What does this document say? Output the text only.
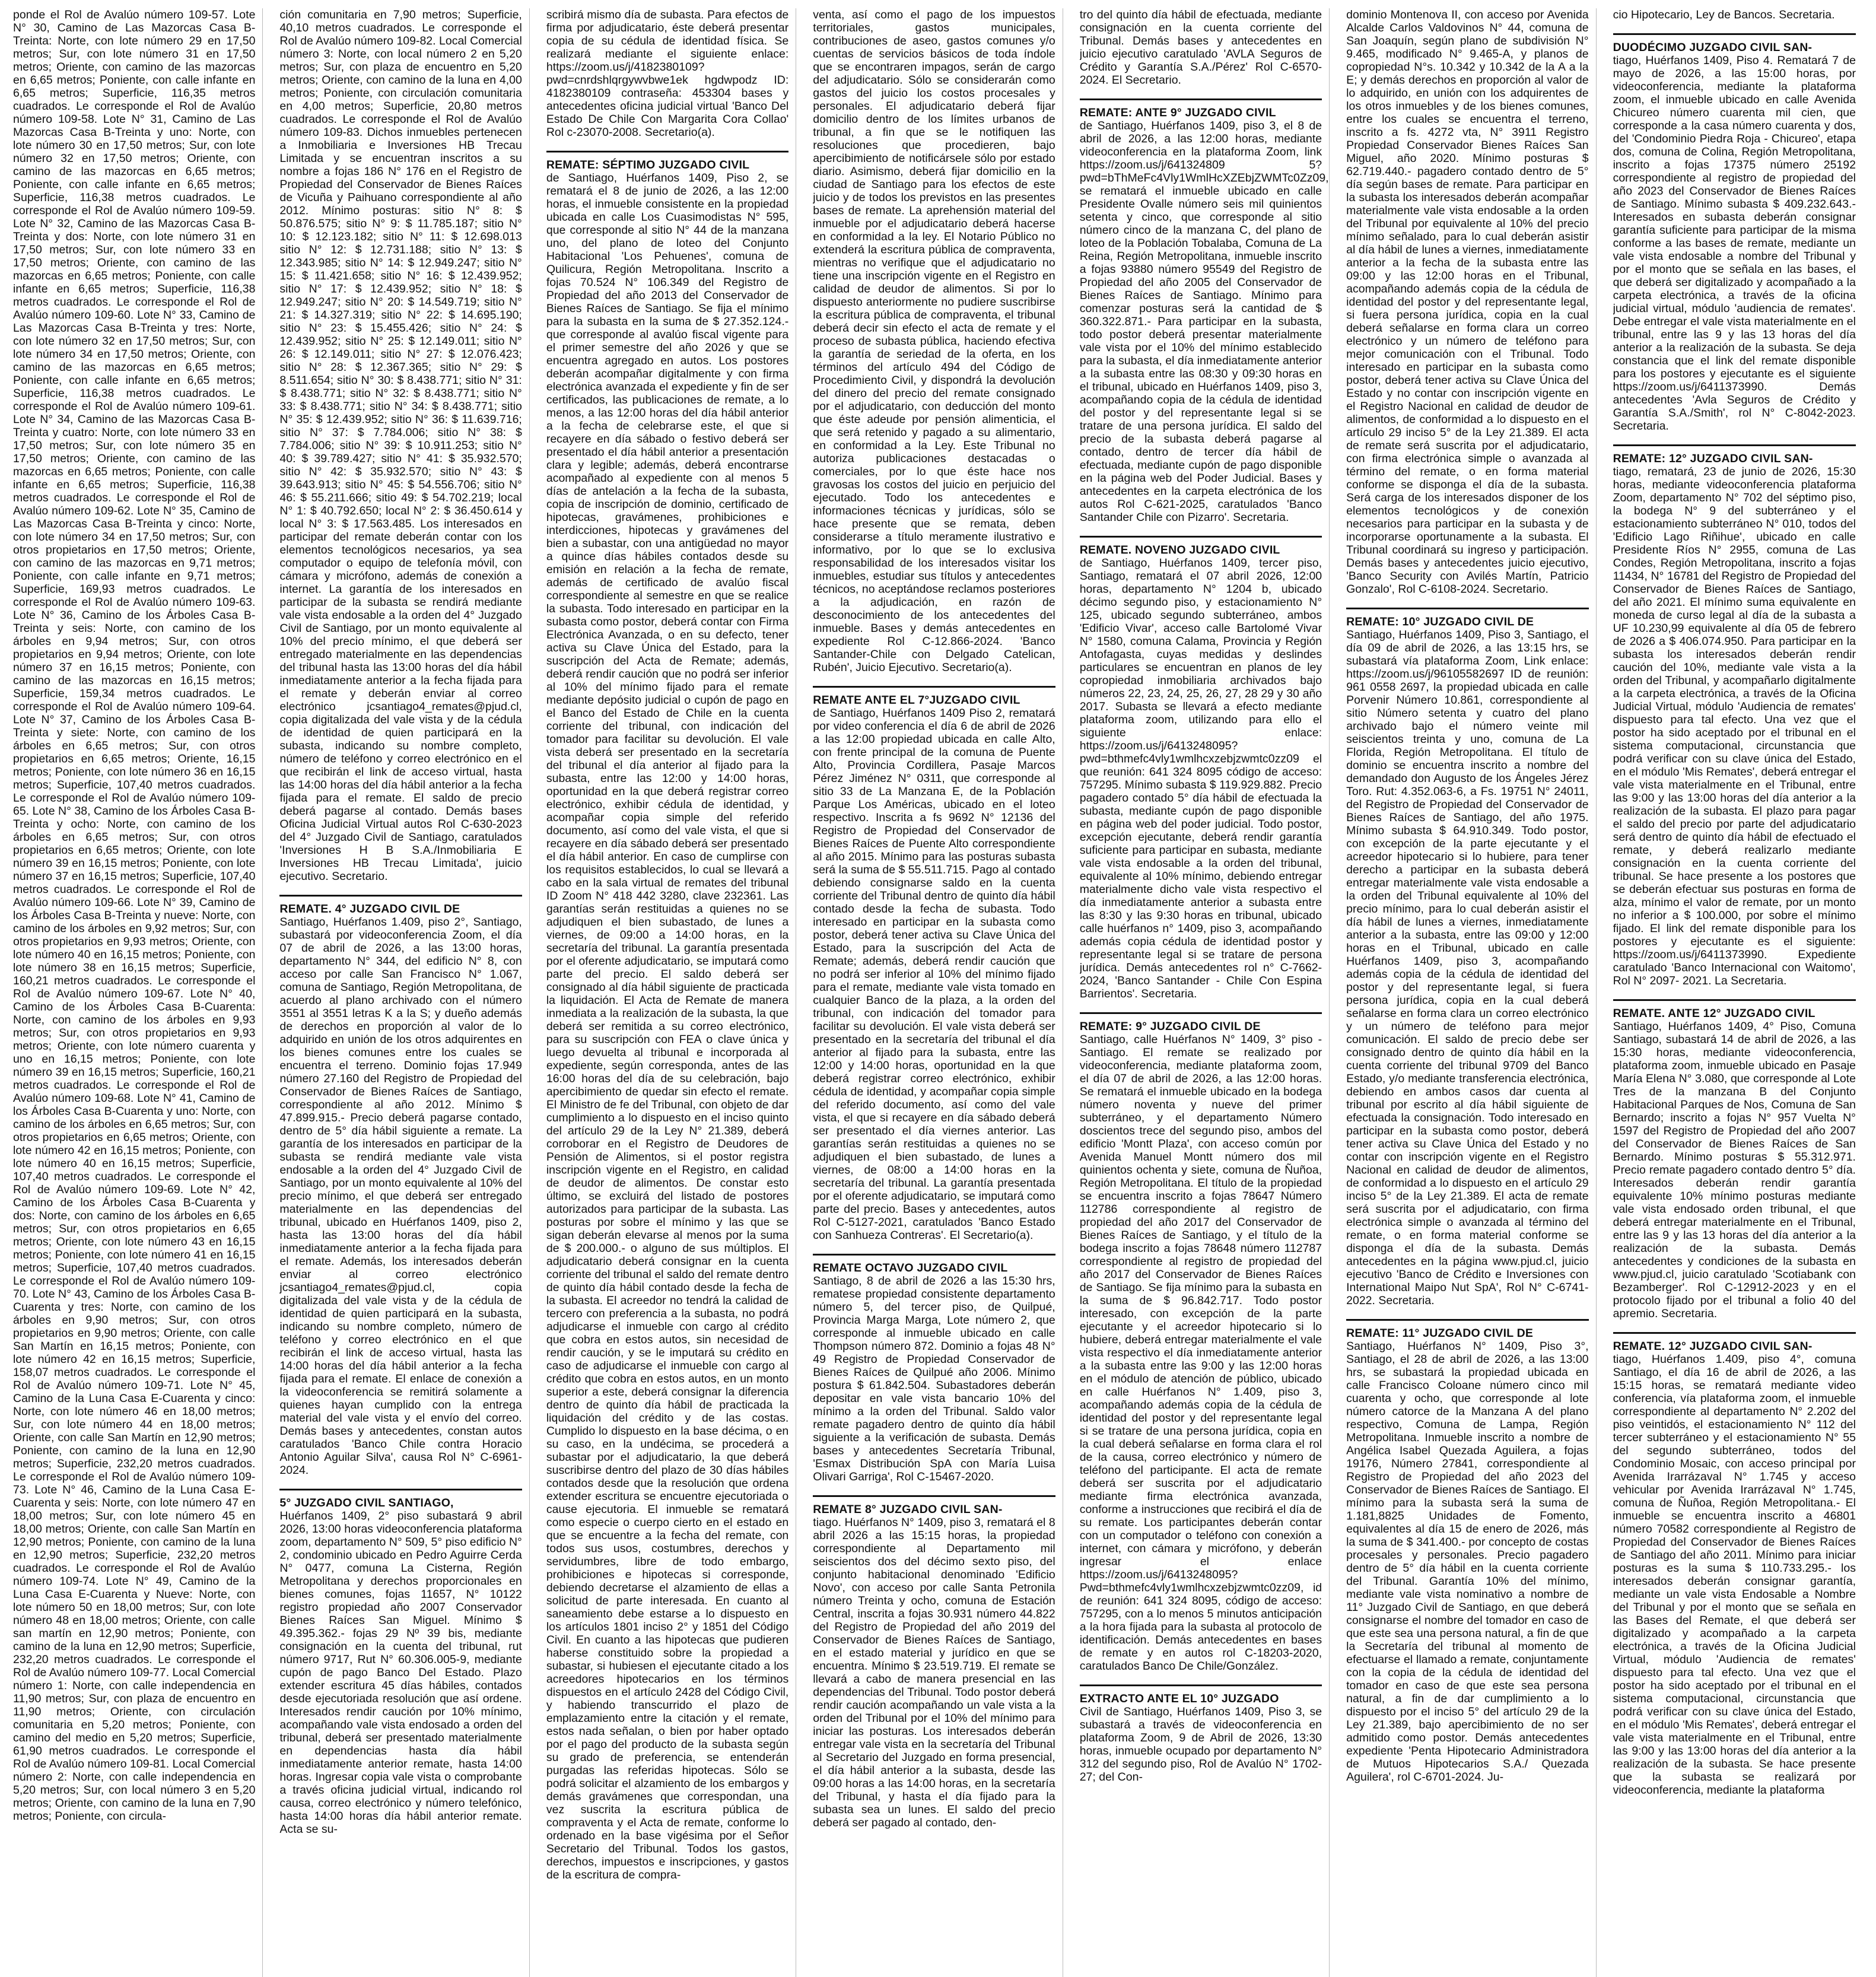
ponde el Rol de Avalúo número 109-57. Lote N° 30, Camino de Las Mazorcas Casa B-Treinta: Norte, con lote número 29 en 17,50 metros; Sur, con lote número 31 en 17,50 metros; Oriente, con camino de las mazorcas en 6,65 metros; Poniente, con calle infante en 6,65 metros; Superficie, 116,35 metros cuadrados. Le corresponde el Rol de Avalúo número 109-58. Lote N° 31, Camino de Las Mazorcas Casa B-Treinta y uno: Norte, con lote número 30 en 17,50 metros; Sur, con lote número 32 en 17,50 metros; Oriente, con camino de las mazorcas en 6,65 metros; Poniente, con calle infante en 6,65 metros; Superficie, 116,38 metros cuadrados. Le corresponde el Rol de Avalúo número 109-59. Lote N° 32, Camino de las Mazorcas Casa B-Treinta y dos: Norte, con lote número 31 en 17,50 metros; Sur, con lote número 33 en 17,50 metros; Oriente, con camino de las mazorcas en 6,65 metros; Poniente, con calle infante en 6,65 metros; Superficie, 116,38 metros cuadrados. Le corresponde el Rol de Avalúo número 109-60. Lote N° 33, Camino de Las Mazorcas Casa B-Treinta y tres: Norte, con lote número 32 en 17,50 metros; Sur, con lote número 34 en 17,50 metros; Oriente, con camino de las mazorcas en 6,65 metros; Poniente, con calle infante en 6,65 metros; Superficie, 116,38 metros cuadrados. Le corresponde el Rol de Avalúo número 109-61. Lote N° 34, Camino de las Mazorcas Casa B-Treinta y cuatro: Norte, con lote número 33 en 17,50 metros; Sur, con lote número 35 en 17,50 metros; Oriente, con camino de las mazorcas en 6,65 metros; Poniente, con calle infante en 6,65 metros; Superficie, 116,38 metros cuadrados. Le corresponde el Rol de Avalúo número 109-62. Lote N° 35, Camino de Las Mazorcas Casa B-Treinta y cinco: Norte, con lote número 34 en 17,50 metros; Sur, con otros propietarios en 17,50 metros; Oriente, con camino de las mazorcas en 9,71 metros; Poniente, con calle infante en 9,71 metros; Superficie, 169,93 metros cuadrados. Le corresponde el Rol de Avalúo número 109-63. Lote N° 36, Camino de los Árboles Casa B-Treinta y seis: Norte, con camino de los árboles en 9,94 metros; Sur, con otros propietarios en 9,94 metros; Oriente, con lote número 37 en 16,15 metros; Poniente, con camino de las mazorcas en 16,15 metros; Superficie, 159,34 metros cuadrados. Le corresponde el Rol de Avalúo número 109-64. Lote N° 37, Camino de los Árboles Casa B-Treinta y siete: Norte, con camino de los árboles en 6,65 metros; Sur, con otros propietarios en 6,65 metros; Oriente, 16,15 metros; Poniente, con lote número 36 en 16,15 metros; Superficie, 107,40 metros cuadrados. Le corresponde el Rol de Avalúo número 109-65. Lote N° 38, Camino de los Árboles Casa B-Treinta y ocho: Norte, con camino de los árboles en 6,65 metros; Sur, con otros propietarios en 6,65 metros; Oriente, con lote número 39 en 16,15 metros; Poniente, con lote número 37 en 16,15 metros; Superficie, 107,40 metros cuadrados. Le corresponde el Rol de Avalúo número 109-66. Lote N° 39, Camino de los Árboles Casa B-Treinta y nueve: Norte, con camino de los árboles en 9,92 metros; Sur, con otros propietarios en 9,93 metros; Oriente, con lote número 40 en 16,15 metros; Poniente, con lote número 38 en 16,15 metros; Superficie, 160,21 metros cuadrados. Le corresponde el Rol de Avalúo número 109-67. Lote N° 40, Camino de los Árboles Casa B-Cuarenta: Norte, con camino de los árboles en 9,93 metros; Sur, con otros propietarios en 9,93 metros; Oriente, con lote número cuarenta y uno en 16,15 metros; Poniente, con lote número 39 en 16,15 metros; Superficie, 160,21 metros cuadrados. Le corresponde el Rol de Avalúo número 109-68. Lote N° 41, Camino de los Árboles Casa B-Cuarenta y uno: Norte, con camino de los árboles en 6,65 metros; Sur, con otros propietarios en 6,65 metros; Oriente, con lote número 42 en 16,15 metros; Poniente, con lote número 40 en 16,15 metros; Superficie, 107,40 metros cuadrados. Le corresponde el Rol de Avalúo número 109-69. Lote N° 42, Camino de los Árboles Casa B-Cuarenta y dos: Norte, con camino de los árboles en 6,65 metros; Sur, con otros propietarios en 6,65 metros; Oriente, con lote número 43 en 16,15 metros; Poniente, con lote número 41 en 16,15 metros; Superficie, 107,40 metros cuadrados. Le corresponde el Rol de Avalúo número 109-70. Lote N° 43, Camino de los Árboles Casa B-Cuarenta y tres: Norte, con camino de los árboles en 9,90 metros; Sur, con otros propietarios en 9,90 metros; Oriente, con calle San Martín en 16,15 metros; Poniente, con lote número 42 en 16,15 metros; Superficie, 158,07 metros cuadrados. Le corresponde el Rol de Avalúo número 109-71. Lote N° 45, Camino de la Luna Casa E-Cuarenta y cinco: Norte, con lote número 46 en 18,00 metros; Sur, con lote número 44 en 18,00 metros; Oriente, con calle San Martín en 12,90 metros; Poniente, con camino de la luna en 12,90 metros; Superficie, 232,20 metros cuadrados. Le corresponde el Rol de Avalúo número 109-73. Lote N° 46, Camino de la Luna Casa E-Cuarenta y seis: Norte, con lote número 47 en 18,00 metros; Sur, con lote número 45 en 18,00 metros; Oriente, con calle San Martín en 12,90 metros; Poniente, con camino de la luna en 12,90 metros; Superficie, 232,20 metros cuadrados. Le corresponde el Rol de Avalúo número 109-74. Lote N° 49, Camino de la Luna Casa E-Cuarenta y Nueve: Norte, con lote número 50 en 18,00 metros; Sur, con lote número 48 en 18,00 metros; Oriente, con calle san martín en 12,90 metros; Poniente, con camino de la luna en 12,90 metros; Superficie, 232,20 metros cuadrados. Le corresponde el Rol de Avalúo número 109-77. Local Comercial número 1: Norte, con calle independencia en 11,90 metros; Sur, con plaza de encuentro en 11,90 metros; Oriente, con circulación comunitaria en 5,20 metros; Poniente, con camino del medio en 5,20 metros; Superficie, 61,90 metros cuadrados. Le corresponde el Rol de Avalúo número 109-81. Local Comercial número 2: Norte, con calle independencia en 5,20 metros; Sur, con local número 3 en 5,20 metros; Oriente, con camino de la luna en 7,90 metros; Poniente, con circula-

ción comunitaria en 7,90 metros; Superficie, 40,10 metros cuadrados. Le corresponde el Rol de Avalúo número 109-82. Local Comercial número 3: Norte, con local número 2 en 5,20 metros; Sur, con plaza de encuentro en 5,20 metros; Oriente, con camino de la luna en 4,00 metros; Poniente, con circulación comunitaria en 4,00 metros; Superficie, 20,80 metros cuadrados. Le corresponde el Rol de Avalúo número 109-83. Dichos inmuebles pertenecen a Inmobiliaria e Inversiones HB Trecau Limitada y se encuentran inscritos a su nombre a fojas 186 N° 176 en el Registro de Propiedad del Conservador de Bienes Raíces de Vicuña y Paihuano correspondiente al año 2012. Mínimo posturas: sitio N° 8: $ 50.876.575; sitio N° 9: $ 11.785.187; sitio N° 10: $ 12.123.182; sitio N° 11: $ 12.698.013 sitio N° 12: $ 12.731.188; sitio N° 13: $ 12.343.985; sitio N° 14: $ 12.949.247; sitio N° 15: $ 11.421.658; sitio N° 16: $ 12.439.952; sitio N° 17: $ 12.439.952; sitio N° 18: $ 12.949.247; sitio N° 20: $ 14.549.719; sitio N° 21: $ 14.327.319; sitio N° 22: $ 14.695.190; sitio N° 23: $ 15.455.426; sitio N° 24: $ 12.439.952; sitio N° 25: $ 12.149.011; sitio N° 26: $ 12.149.011; sitio N° 27: $ 12.076.423; sitio N° 28: $ 12.367.365; sitio N° 29: $ 8.511.654; sitio N° 30: $ 8.438.771; sitio N° 31: $ 8.438.771; sitio N° 32: $ 8.438.771; sitio N° 33: $ 8.438.771; sitio N° 34: $ 8.438.771; sitio N° 35: $ 12.439.952; sitio N° 36: $ 11.639.716; sitio N° 37: $ 7.784.006; sitio N° 38: $ 7.784.006; sitio N° 39: $ 10.911.253; sitio N° 40: $ 39.789.427; sitio N° 41: $ 35.932.570; sitio N° 42: $ 35.932.570; sitio N° 43: $ 39.643.913; sitio N° 45: $ 54.556.706; sitio N° 46: $ 55.211.666; sitio 49: $ 54.702.219; local N° 1: $ 40.792.650; local N° 2: $ 36.450.614 y local N° 3: $ 17.563.485. Los interesados en participar del remate deberán contar con los elementos tecnológicos necesarios, ya sea computador o equipo de telefonía móvil, con cámara y micrófono, además de conexión a internet. La garantía de los interesados en participar de la subasta se rendirá mediante vale vista endosable a la orden del 4° Juzgado Civil de Santiago, por un monto equivalente al 10% del precio mínimo, el que deberá ser entregado materialmente en las dependencias del tribunal hasta las 13:00 horas del día hábil inmediatamente anterior a la fecha fijada para el remate y deberán enviar al correo electrónico jcsantiago4_remates@pjud.cl, copia digitalizada del vale vista y de la cédula de identidad de quien participará en la subasta, indicando su nombre completo, número de teléfono y correo electrónico en el que recibirán el link de acceso virtual, hasta las 14:00 horas del día hábil anterior a la fecha fijada para el remate. El saldo de precio deberá pagarse al contado. Demás bases Oficina Judicial Virtual autos Rol C-630-2023 del 4° Juzgado Civil de Santiago, caratulados 'Inversiones H B S.A./Inmobiliaria E Inversiones HB Trecau Limitada', juicio ejecutivo. Secretario.

REMATE. 4° JUZGADO CIVIL DE

Santiago, Huérfanos 1.409, piso 2°, Santiago, subastará por videoconferencia Zoom, el día 07 de abril de 2026, a las 13:00 horas, departamento N° 344, del edificio N° 8, con acceso por calle San Francisco N° 1.067, comuna de Santiago, Región Metropolitana, de acuerdo al plano archivado con el número 3551 al 3551 letras K a la S; y dueño además de derechos en proporción al valor de lo adquirido en unión de los otros adquirentes en los bienes comunes entre los cuales se encuentra el terreno. Dominio fojas 17.949 número 27.160 del Registro de Propiedad del Conservador de Bienes Raíces de Santiago, correspondiente al año 2012. Mínimo $ 47.899.915.- Precio deberá pagarse contado, dentro de 5° día hábil siguiente a remate. La garantía de los interesados en participar de la subasta se rendirá mediante vale vista endosable a la orden del 4° Juzgado Civil de Santiago, por un monto equivalente al 10% del precio mínimo, el que deberá ser entregado materialmente en las dependencias del tribunal, ubicado en Huérfanos 1409, piso 2, hasta las 13:00 horas del día hábil inmediatamente anterior a la fecha fijada para el remate. Además, los interesados deberán enviar al correo electrónico jcsantiago4_remates@pjud.cl, copia digitalizada del vale vista y de la cédula de identidad de quien participará en la subasta, indicando su nombre completo, número de teléfono y correo electrónico en el que recibirán el link de acceso virtual, hasta las 14:00 horas del día hábil anterior a la fecha fijada para el remate. El enlace de conexión a la videoconferencia se remitirá solamente a quienes hayan cumplido con la entrega material del vale vista y el envío del correo. Demás bases y antecedentes, constan autos caratulados 'Banco Chile contra Horacio Antonio Aguilar Silva', causa Rol N° C-6961-2024.

5° JUZGADO CIVIL SANTIAGO,

Huérfanos 1409, 2° piso subastará 9 abril 2026, 13:00 horas videoconferencia plataforma zoom, departamento N° 509, 5° piso edificio N° 2, condominio ubicado en Pedro Aguirre Cerda N° 0477, comuna La Cisterna, Región Metropolitana y derechos proporcionales en bienes comunes, fojas 11657, N° 10122 registro propiedad año 2007 Conservador Bienes Raíces San Miguel. Mínimo $ 49.395.362.- fojas 29 Nº 39 bis, mediante consignación en la cuenta del tribunal, rut número 9717, Rut N° 60.306.005-9, mediante cupón de pago Banco Del Estado. Plazo extender escritura 45 días hábiles, contados desde ejecutoriada resolución que así ordene. Interesados rendir caución por 10% mínimo, acompañando vale vista endosado a orden del tribunal, deberá ser presentado materialmente en dependencias hasta día hábil inmediatamente anterior remate, hasta 14:00 horas. Ingresar copia vale vista o comprobante a través oficina judicial virtual, indicando rol causa, correo electrónico y número telefónico, hasta 14:00 horas día hábil anterior remate. Acta se su-

scribirá mismo día de subasta. Para efectos de firma por adjudicatario, éste deberá presentar copia de su cédula de identidad física. Se realizará mediante el siguiente enlace: https://zoom.us/j/4182380109?pwd=cnrdshlqrgywvbwe1ek hgdwpodz ID: 4182380109 contraseña: 453304 bases y antecedentes oficina judicial virtual 'Banco Del Estado De Chile Con Margarita Cora Collao' Rol c-23070-2008. Secretario(a).

REMATE: SÉPTIMO JUZGADO CIVIL

de Santiago, Huérfanos 1409, Piso 2, se rematará el 8 de junio de 2026, a las 12:00 horas, el inmueble consistente en la propiedad ubicada en calle Los Cuasimodistas N° 595, que corresponde al sitio N° 44 de la manzana uno, del plano de loteo del Conjunto Habitacional 'Los Pehuenes', comuna de Quilicura, Región Metropolitana. Inscrito a fojas 70.524 N° 106.349 del Registro de Propiedad del año 2013 del Conservador de Bienes Raíces de Santiago. Se fija el mínimo para la subasta en la suma de $ 27.352.124.- que corresponde al avalúo fiscal vigente para el primer semestre del año 2026 y que se encuentra agregado en autos. Los postores deberán acompañar digitalmente y con firma electrónica avanzada el expediente y fin de ser certificados, las publicaciones de remate, a lo menos, a las 12:00 horas del día hábil anterior a la fecha de celebrarse este, el que si recayere en día sábado o festivo deberá ser presentado el día hábil anterior a presentación clara y legible; además, deberá encontrarse acompañado al expediente con al menos 5 días de antelación a la fecha de la subasta, copia de inscripción de dominio, certificado de hipotecas, gravámenes, prohibiciones e interdicciones, hipotecas y gravámenes del bien a subastar, con una antigüedad no mayor a quince días hábiles contados desde su emisión en relación a la fecha de remate, además de certificado de avalúo fiscal correspondiente al semestre en que se realice la subasta. Todo interesado en participar en la subasta como postor, deberá contar con Firma Electrónica Avanzada, o en su defecto, tener activa su Clave Única del Estado, para la suscripción del Acta de Remate; además, deberá rendir caución que no podrá ser inferior al 10% del mínimo fijado para el remate mediante depósito judicial o cupón de pago en el Banco del Estado de Chile en la cuenta corriente del tribunal, con indicación del tomador para facilitar su devolución. El vale vista deberá ser presentado en la secretaría del tribunal el día anterior al fijado para la subasta, entre las 12:00 y 14:00 horas, oportunidad en la que deberá registrar correo electrónico, exhibir cédula de identidad, y acompañar copia simple del referido documento, así como del vale vista, el que si recayere en día sábado deberá ser presentado el día hábil anterior. En caso de cumplirse con los requisitos establecidos, lo cual se llevará a cabo en la sala virtual de remates del tribunal ID Zoom N° 418 442 3280, clave 232361. Las garantías serán restituidas a quienes no se adjudiquen el bien subastado, de lunes a viernes, de 09:00 a 14:00 horas, en la secretaría del tribunal. La garantía presentada por el oferente adjudicatario, se imputará como parte del precio. El saldo deberá ser consignado al día hábil siguiente de practicada la liquidación. El Acta de Remate de manera inmediata a la realización de la subasta, la que deberá ser remitida a su correo electrónico, para su suscripción con FEA o clave única y luego devuelta al tribunal e incorporada al expediente, según corresponda, antes de las 16:00 horas del día de su celebración, bajo apercibimiento de quedar sin efecto el remate. El Ministro de fe del Tribunal, con objeto de dar cumplimiento a lo dispuesto en el inciso quinto del artículo 29 de la Ley N° 21.389, deberá corroborar en el Registro de Deudores de Pensión de Alimentos, si el postor registra inscripción vigente en el Registro, en calidad de deudor de alimentos. De constar esto último, se excluirá del listado de postores autorizados para participar de la subasta. Las posturas por sobre el mínimo y las que se sigan deberán elevarse al menos por la suma de $ 200.000.- o alguno de sus múltiplos. El adjudicatario deberá consignar en la cuenta corriente del tribunal el saldo del remate dentro de quinto día hábil contado desde la fecha de la subasta. El acreedor no tendrá la calidad de tercero con preferencia a la subasta, no podrá adjudicarse el inmueble con cargo al crédito que cobra en estos autos, sin necesidad de rendir caución, y se le imputará su crédito en caso de adjudicarse el inmueble con cargo al crédito que cobra en estos autos, en un monto superior a este, deberá consignar la diferencia dentro de quinto día hábil de practicada la liquidación del crédito y de las costas. Cumplido lo dispuesto en la base décima, o en su caso, en la undécima, se procederá a subastar por el adjudicatario, la que deberá suscribirse dentro del plazo de 30 días hábiles contados desde que la resolución que ordena extender escritura se encuentre ejecutoriada o cause ejecutoria. El inmueble se rematará como especie o cuerpo cierto en el estado en que se encuentre a la fecha del remate, con todos sus usos, costumbres, derechos y servidumbres, libre de todo embargo, prohibiciones e hipotecas si corresponde, debiendo decretarse el alzamiento de ellas a solicitud de parte interesada. En cuanto al saneamiento debe estarse a lo dispuesto en los artículos 1801 inciso 2° y 1851 del Código Civil. En cuanto a las hipotecas que pudieren haberse constituido sobre la propiedad a subastar, si hubiesen el ejecutante citado a los acreedores hipotecarios en los términos dispuestos en el artículo 2428 del Código Civil, y habiendo transcurrido el plazo de emplazamiento entre la citación y el remate, estos nada señalan, o bien por haber optado por el pago del producto de la subasta según su grado de preferencia, se entenderán purgadas las referidas hipotecas. Sólo se podrá solicitar el alzamiento de los embargos y demás gravámenes que correspondan, una vez suscrita la escritura pública de compraventa y el Acta de remate, conforme lo ordenado en la base vigésima por el Señor Secretario del Tribunal. Todos los gastos, derechos, impuestos e inscripciones, y gastos de la escritura de compra-

venta, así como el pago de los impuestos territoriales, gastos municipales, contribuciones de aseo, gastos comunes y/o cuentas de servicios básicos de toda índole que se encontraren impagos, serán de cargo del adjudicatario. Sólo se considerarán como gastos del juicio los costos procesales y personales. El adjudicatario deberá fijar domicilio dentro de los límites urbanos de tribunal, a fin que se le notifiquen las resoluciones que procedieren, bajo apercibimiento de notificársele sólo por estado diario. Asimismo, deberá fijar domicilio en la ciudad de Santiago para los efectos de este juicio y de todos los previstos en las presentes bases de remate. La aprehensión material del inmueble por el adjudicatario deberá hacerse en conformidad a la ley. El Notario Público no extenderá la escritura pública de compraventa, mientras no verifique que el adjudicatario no tiene una inscripción vigente en el Registro en calidad de deudor de alimentos. Si por lo dispuesto anteriormente no pudiere suscribirse la escritura pública de compraventa, el tribunal deberá decir sin efecto el acta de remate y el proceso de subasta pública, haciendo efectiva la garantía de seriedad de la oferta, en los términos del artículo 494 del Código de Procedimiento Civil, y dispondrá la devolución del dinero del precio del remate consignado por el adjudicatario, con deducción del monto que éste adeude por pensión alimenticia, el que será retenido y pagado a su alimentario, en conformidad a la Ley. Este Tribunal no autoriza publicaciones destacadas o comerciales, por lo que éste hace nos gravosas los costos del juicio en perjuicio del ejecutado. Todo los antecedentes e informaciones técnicas y jurídicas, sólo se hace presente que se remata, deben considerarse a título meramente ilustrativo e informativo, por lo que se lo exclusiva responsabilidad de los interesados visitar los inmuebles, estudiar sus títulos y antecedentes técnicos, no aceptándose reclamos posteriores a la adjudicación, en razón de desconocimiento de los antecedentes del inmueble. Bases y demás antecedentes en expediente Rol C-12.866-2024. 'Banco Santander-Chile con Delgado Catelican, Rubén', Juicio Ejecutivo. Secretario(a).

REMATE ANTE EL 7°JUZGADO CIVIL

de Santiago, Huérfanos 1409 Piso 2, rematará por video conferencia el día 6 de abril de 2026 a las 12:00 propiedad ubicada en calle Alto, con frente principal de la comuna de Puente Alto, Provincia Cordillera, Pasaje Marcos Pérez Jiménez N° 0311, que corresponde al sitio 33 de La Manzana E, de la Población Parque Los Américas, ubicado en el loteo respectivo. Inscrita a fs 9692 N° 12136 del Registro de Propiedad del Conservador de Bienes Raíces de Puente Alto correspondiente al año 2015. Mínimo para las posturas subasta será la suma de $ 55.511.715. Pago al contado debiendo consignarse saldo en la cuenta corriente del Tribunal dentro de quinto día hábil contado desde la fecha de subasta. Todo interesado en participar en la subasta como postor, deberá tener activa su Clave Única del Estado, para la suscripción del Acta de Remate; además, deberá rendir caución que no podrá ser inferior al 10% del mínimo fijado para el remate, mediante vale vista tomado en cualquier Banco de la plaza, a la orden del tribunal, con indicación del tomador para facilitar su devolución. El vale vista deberá ser presentado en la secretaría del tribunal el día anterior al fijado para la subasta, entre las 12:00 y 14:00 horas, oportunidad en la que deberá registrar correo electrónico, exhibir cédula de identidad, y acompañar copia simple del referido documento, así como del vale vista, el que si recayere en día sábado deberá ser presentado el día viernes anterior. Las garantías serán restituidas a quienes no se adjudiquen el bien subastado, de lunes a viernes, de 08:00 a 14:00 horas en la secretaría del tribunal. La garantía presentada por el oferente adjudicatario, se imputará como parte del precio. Bases y antecedentes, autos Rol C-5127-2021, caratulados 'Banco Estado con Sanhueza Contreras'. El Secretario(a).

REMATE OCTAVO JUZGADO CIVIL

Santiago, 8 de abril de 2026 a las 15:30 hrs, rematese propiedad consistente departamento número 5, del tercer piso, de Quilpué, Provincia Marga Marga, Lote número 2, que corresponde al inmueble ubicado en calle Thompson número 872. Dominio a fojas 48 N° 49 Registro de Propiedad Conservador de Bienes Raíces de Quilpué año 2006. Mínimo postura $ 61.842.504. Subastadores deberán depositar en vale vista bancario 10% del mínimo a la orden del Tribunal. Saldo valor remate pagadero dentro de quinto día hábil siguiente a la verificación de subasta. Demás bases y antecedentes Secretaría Tribunal, 'Esmax Distribución SpA con María Luisa Olivari Garriga', Rol C-15467-2020.

REMATE 8° JUZGADO CIVIL SAN-

tiago. Huérfanos N° 1409, piso 3, rematará el 8 abril 2026 a las 15:15 horas, la propiedad correspondiente al Departamento mil seiscientos dos del décimo sexto piso, del conjunto habitacional denominado 'Edificio Novo', con acceso por calle Santa Petronila número Treinta y ocho, comuna de Estación Central, inscrita a fojas 30.931 número 44.822 del Registro de Propiedad del año 2019 del Conservador de Bienes Raíces de Santiago, en el estado material y jurídico en que se encuentra. Mínimo $ 23.519.719. El remate se llevará a cabo de manera presencial en las dependencias del Tribunal. Todo postor deberá rendir caución acompañando un vale vista a la orden del Tribunal por el 10% del mínimo para iniciar las posturas. Los interesados deberán entregar vale vista en la secretaría del Tribunal al Secretario del Juzgado en forma presencial, el día hábil anterior a la subasta, desde las 09:00 horas a las 14:00 horas, en la secretaría del Tribunal, y hasta el día fijado para la subasta sea un lunes. El saldo del precio deberá ser pagado al contado, den-

tro del quinto día hábil de efectuada, mediante consignación en la cuenta corriente del Tribunal. Demás bases y antecedentes en juicio ejecutivo caratulado 'AVLA Seguros de Crédito y Garantía S.A./Pérez' Rol C-6570-2024. El Secretario.

REMATE: ANTE 9° JUZGADO CIVIL

de Santiago, Huérfanos 1409, piso 3, el 8 de abril de 2026, a las 12:00 horas, mediante videoconferencia en la plataforma Zoom, link https://zoom.us/j/641324809 5?pwd=bThMeFc4Vly1WmlHcXZEbjZWMTc0Zz09, se rematará el inmueble ubicado en calle Presidente Ovalle número seis mil quinientos setenta y cinco, que corresponde al sitio número cinco de la manzana C, del plano de loteo de la Población Tobalaba, Comuna de La Reina, Región Metropolitana, inmueble inscrito a fojas 93880 número 95549 del Registro de Propiedad del año 2005 del Conservador de Bienes Raíces de Santiago. Mínimo para comenzar posturas será la cantidad de $ 360.322.871.- Para participar en la subasta, todo postor deberá presentar materialmente vale vista por el 10% del mínimo establecido para la subasta, el día inmediatamente anterior a la subasta entre las 08:30 y 09:30 horas en el tribunal, ubicado en Huérfanos 1409, piso 3, acompañando copia de la cédula de identidad del postor y del representante legal si se tratare de una persona jurídica. El saldo del precio de la subasta deberá pagarse al contado, dentro de tercer día hábil de efectuada, mediante cupón de pago disponible en la página web del Poder Judicial. Bases y antecedentes en la carpeta electrónica de los autos Rol C-621-2025, caratulados 'Banco Santander Chile con Pizarro'. Secretaria.

REMATE. NOVENO JUZGADO CIVIL

de Santiago, Huérfanos 1409, tercer piso, Santiago, rematará el 07 abril 2026, 12:00 horas, departamento N° 1204 b, ubicado décimo segundo piso, y estacionamiento N° 125, ubicado segundo subterráneo, ambos 'Edificio Vivar', acceso calle Bartolomé Vivar N° 1580, comuna Calama, Provincia y Región Antofagasta, cuyas medidas y deslindes particulares se encuentran en planos de ley copropiedad inmobiliaria archivados bajo números 22, 23, 24, 25, 26, 27, 28 29 y 30 año 2017. Subasta se llevará a efecto mediante plataforma zoom, utilizando para ello el siguiente enlace: https://zoom.us/j/6413248095?pwd=bthmefc4vly1wmlhcxzebjzwmtc0zz09 el que reunión: 641 324 8095 código de acceso: 757295. Mínimo subasta $ 119.929.882. Precio pagadero contado 5° día hábil de efectuada la subasta, mediante cupón de pago disponible en página web del poder judicial. Todo postor, excepción ejecutante, deberá rendir garantía suficiente para participar en subasta, mediante vale vista endosable a la orden del tribunal, equivalente al 10% mínimo, debiendo entregar materialmente dicho vale vista respectivo el día inmediatamente anterior a subasta entre las 8:30 y las 9:30 horas en tribunal, ubicado calle huérfanos n° 1409, piso 3, acompañando además copia cédula de identidad postor y representante legal si se tratare de persona jurídica. Demás antecedentes rol n° C-7662-2024, 'Banco Santander - Chile Con Espina Barrientos'. Secretaria.

REMATE: 9° JUZGADO CIVIL DE

Santiago, calle Huérfanos N° 1409, 3° piso - Santiago. El remate se realizado por videoconferencia, mediante plataforma zoom, el día 07 de abril de 2026, a las 12:00 horas. Se rematará el inmueble ubicado en la bodega número noventa y nueve del primer subterráneo, y el departamento Número doscientos trece del segundo piso, ambos del edificio 'Montt Plaza', con acceso común por Avenida Manuel Montt número dos mil quinientos ochenta y siete, comuna de Ñuñoa, Región Metropolitana. El título de la propiedad se encuentra inscrito a fojas 78647 Número 112786 correspondiente al registro de propiedad del año 2017 del Conservador de Bienes Raíces de Santiago, y el título de la bodega inscrito a fojas 78648 número 112787 correspondiente al registro de propiedad del año 2017 del Conservador de Bienes Raíces de Santiago. Se fija mínimo para la subasta en la suma de $ 96.842.717. Todo postor interesado, con excepción de la parte ejecutante y el acreedor hipotecario si lo hubiere, deberá entregar materialmente el vale vista respectivo el día inmediatamente anterior a la subasta entre las 9:00 y las 12:00 horas en el módulo de atención de público, ubicado en calle Huérfanos N° 1.409, piso 3, acompañando además copia de la cédula de identidad del postor y del representante legal si se tratare de una persona jurídica, copia en la cual deberá señalarse en forma clara el rol de la causa, correo electrónico y número de teléfono del participante. El acta de remate deberá ser suscrita por el adjudicatario mediante firma electrónica avanzada, conforme a instrucciones que recibirá el día de su remate. Los participantes deberán contar con un computador o teléfono con conexión a internet, con cámara y micrófono, y deberán ingresar el enlace https://zoom.us/j/6413248095? Pwd=bthmefc4vly1wmlhcxzebjzwmtc0zz09, id de reunión: 641 324 8095, código de acceso: 757295, con a lo menos 5 minutos anticipación a la hora fijada para la subasta al protocolo de identificación. Demás antecedentes en bases de remate y en autos rol C-18203-2020, caratulados Banco De Chile/González.

EXTRACTO ANTE EL 10° JUZGADO

Civil de Santiago, Huérfanos 1409, Piso 3, se subastará a través de videoconferencia en plataforma Zoom, 9 de Abril de 2026, 13:30 horas, inmueble ocupado por departamento N° 312 del segundo piso, Rol de Avalúo N° 1702-27; del Con-

dominio Montenova II, con acceso por Avenida Alcalde Carlos Valdovinos N° 44, comuna de San Joaquín, según plano de subdivisión N° 9.465, modificado N° 9.465-A, y planos de copropiedad N°s. 10.342 y 10.342 de la A a la E; y demás derechos en proporción al valor de lo adquirido, en unión con los adquirentes de los otros inmuebles y de los bienes comunes, entre los cuales se encuentra el terreno, inscrito a fs. 4272 vta, N° 3911 Registro Propiedad Conservador Bienes Raíces San Miguel, año 2020. Mínimo posturas $ 62.719.440.- pagadero contado dentro de 5° día según bases de remate. Para participar en la subasta los interesados deberán acompañar materialmente vale vista endosable a la orden del Tribunal por equivalente al 10% del precio mínimo señalado, para lo cual deberán asistir al día hábil de lunes a viernes, inmediatamente anterior a la fecha de la subasta entre las 09:00 y las 12:00 horas en el Tribunal, acompañando además copia de la cédula de identidad del postor y del representante legal, si fuera persona jurídica, copia en la cual deberá señalarse en forma clara un correo electrónico y un número de teléfono para mejor comunicación con el Tribunal. Todo interesado en participar en la subasta como postor, deberá tener activa su Clave Única del Estado y no contar con inscripción vigente en el Registro Nacional en calidad de deudor de alimentos, de conformidad a lo dispuesto en el artículo 29 inciso 5° de la Ley 21.389. El acta de remate será suscrita por el adjudicatario, con firma electrónica simple o avanzada al término del remate, o en forma material conforme se disponga el día de la subasta. Será carga de los interesados disponer de los elementos tecnológicos y de conexión necesarios para participar en la subasta y de incorporarse oportunamente a la subasta. El Tribunal coordinará su ingreso y participación. Demás bases y antecedentes juicio ejecutivo, 'Banco Security con Avilés Martín, Patricio Gonzalo', Rol C-6108-2024. Secretario.

REMATE: 10° JUZGADO CIVIL DE

Santiago, Huérfanos 1409, Piso 3, Santiago, el día 09 de abril de 2026, a las 13:15 hrs, se subastará vía plataforma Zoom, Link enlace: https://zoom.us/j/96105582697 ID de reunión: 961 0558 2697, la propiedad ubicada en calle Porvenir Número 10.861, correspondiente al sitio Número setenta y cuatro del plano archivado bajo el número veinte mil seiscientos treinta y uno, comuna de La Florida, Región Metropolitana. El título de dominio se encuentra inscrito a nombre del demandado don Augusto de los Ángeles Jérez Toro. Rut: 4.352.063-6, a Fs. 19751 N° 24011, del Registro de Propiedad del Conservador de Bienes Raíces de Santiago, del año 1975. Mínimo subasta $ 64.910.349. Todo postor, con excepción de la parte ejecutante y el acreedor hipotecario si lo hubiere, para tener derecho a participar en la subasta deberá entregar materialmente vale vista endosable a la orden del Tribunal equivalente al 10% del precio mínimo, para lo cual deberán asistir el día hábil de lunes a viernes, inmediatamente anterior a la subasta, entre las 09:00 y 12:00 horas en el Tribunal, ubicado en calle Huérfanos 1409, piso 3, acompañando además copia de la cédula de identidad del postor y del representante legal, si fuera persona jurídica, copia en la cual deberá señalarse en forma clara un correo electrónico y un número de teléfono para mejor comunicación. El saldo de precio debe ser consignado dentro de quinto día hábil en la cuenta corriente del tribunal 9709 del Banco Estado, y/o mediante transferencia electrónica, debiendo en ambos casos dar cuenta al tribunal por escrito al día hábil siguiente de efectuada la consignación. Todo interesado en participar en la subasta como postor, deberá tener activa su Clave Única del Estado y no contar con inscripción vigente en el Registro Nacional en calidad de deudor de alimentos, de conformidad a lo dispuesto en el artículo 29 inciso 5° de la Ley 21.389. El acta de remate será suscrita por el adjudicatario, con firma electrónica simple o avanzada al término del remate, o en forma material conforme se disponga el día de la subasta. Demás antecedentes en la página www.pjud.cl, juicio ejecutivo 'Banco de Crédito e Inversiones con International Maipo Nut SpA', Rol N° C-6741-2022. Secretaria.

REMATE: 11° JUZGADO CIVIL DE

Santiago, Huérfanos N° 1409, Piso 3°, Santiago, el 28 de abril de 2026, a las 13:00 hrs, se subastará la propiedad ubicada en calle Francisco Coloane número cinco mil cuarenta y ocho, que corresponde al lote número catorce de la Manzana A del plano respectivo, Comuna de Lampa, Región Metropolitana. Inmueble inscrito a nombre de Angélica Isabel Quezada Aguilera, a fojas 19176, Número 27841, correspondiente al Registro de Propiedad del año 2023 del Conservador de Bienes Raíces de Santiago. El mínimo para la subasta será la suma de 1.181,8825 Unidades de Fomento, equivalentes al día 15 de enero de 2026, más la suma de $ 341.400.- por concepto de costas procesales y personales. Precio pagadero dentro de 5° día hábil en la cuenta corriente del Tribunal. Garantía 10% del mínimo, mediante vale vista nominativo a nombre de 11° Juzgado Civil de Santiago, en que deberá consignarse el nombre del tomador en caso de que este sea una persona natural, a fin de que la Secretaría del tribunal al momento de efectuarse el llamado a remate, conjuntamente con la copia de la cédula de identidad del tomador en caso de que este sea persona natural, a fin de dar cumplimiento a lo dispuesto por el inciso 5° del artículo 29 de la Ley 21.389, bajo apercibimiento de no ser admitido como postor. Demás antecedentes expediente 'Penta Hipotecario Administradora de Mutuos Hipotecarios S.A./ Quezada Aguilera', rol C-6701-2024. Ju-

cio Hipotecario, Ley de Bancos. Secretaria.

DUODÉCIMO JUZGADO CIVIL SAN-

tiago, Huérfanos 1409, Piso 4. Rematará 7 de mayo de 2026, a las 15:00 horas, por videoconferencia, mediante la plataforma zoom, el inmueble ubicado en calle Avenida Chicureo número cuarenta mil cien, que corresponde a la casa número cuarenta y dos, del 'Condominio Piedra Roja - Chicureo', etapa dos, comuna de Colina, Región Metropolitana, inscrito a fojas 17375 número 25192 correspondiente al registro de propiedad del año 2023 del Conservador de Bienes Raíces de Santiago. Mínimo subasta $ 409.232.643.- Interesados en subasta deberán consignar garantía suficiente para participar de la misma conforme a las bases de remate, mediante un vale vista endosable a nombre del Tribunal y por el monto que se señala en las bases, el que deberá ser digitalizado y acompañado a la carpeta electrónica, a través de la oficina judicial virtual, módulo 'audiencia de remates'. Debe entregar el vale vista materialmente en el tribunal, entre las 9 y las 13 horas del día anterior a la realización de la subasta. Se deja constancia que el link del remate disponible para los postores y ejecutante es el siguiente https://zoom.us/j/6411373990. Demás antecedentes 'Avla Seguros de Crédito y Garantía S.A./Smith', rol N° C-8042-2023. Secretaria.

REMATE: 12° JUZGADO CIVIL SAN-

tiago, rematará, 23 de junio de 2026, 15:30 horas, mediante videoconferencia plataforma Zoom, departamento N° 702 del séptimo piso, la bodega N° 9 del subterráneo y el estacionamiento subterráneo N° 010, todos del 'Edificio Lago Riñihue', ubicado en calle Presidente Ríos N° 2955, comuna de Las Condes, Región Metropolitana, inscrito a fojas 11434, N° 16781 del Registro de Propiedad del Conservador de Bienes Raíces de Santiago, del año 2021. El mínimo suma equivalente en moneda de curso legal al día de la subasta a UF 10.230,99 equivalente al día 05 de febrero de 2026 a $ 406.074.950. Para participar en la subasta los interesados deberán rendir caución del 10%, mediante vale vista a la orden del Tribunal, y acompañarlo digitalmente a la carpeta electrónica, a través de la Oficina Judicial Virtual, módulo 'Audiencia de remates' dispuesto para tal efecto. Una vez que el postor ha sido aceptado por el tribunal en el sistema computacional, circunstancia que podrá verificar con su clave única del Estado, en el módulo 'Mis Remates', deberá entregar el vale vista materialmente en el Tribunal, entre las 9:00 y las 13:00 horas del día anterior a la realización de la subasta. El plazo para pagar el saldo del precio por parte del adjudicatario será dentro de quinto día hábil de efectuado el remate, y deberá realizarlo mediante consignación en la cuenta corriente del tribunal. Se hace presente a los postores que se deberán efectuar sus posturas en forma de alza, mínimo el valor de remate, por un monto no inferior a $ 100.000, por sobre el mínimo fijado. El link del remate disponible para los postores y ejecutante es el siguiente: https://zoom.us/j/6411373990. Expediente caratulado 'Banco Internacional con Waitomo', Rol N° 2097- 2021. La Secretaria.

REMATE. ANTE 12° JUZGADO CIVIL

Santiago, Huérfanos 1409, 4° Piso, Comuna Santiago, subastará 14 de abril de 2026, a las 15:30 horas, mediante videoconferencia, plataforma zoom, inmueble ubicado en Pasaje María Elena N° 3.080, que corresponde al Lote Tres de la manzana B del Conjunto Habitacional Parques de Nos, Comuna de San Bernardo; inscrito a fojas N° 957 Vuelta N° 1597 del Registro de Propiedad del año 2007 del Conservador de Bienes Raíces de San Bernardo. Mínimo posturas $ 55.312.971. Precio remate pagadero contado dentro 5° día. Interesados deberán rendir garantía equivalente 10% mínimo posturas mediante vale vista endosado orden tribunal, el que deberá entregar materialmente en el Tribunal, entre las 9 y las 13 horas del día anterior a la realización de la subasta. Demás antecedentes y condiciones de la subasta en www.pjud.cl, juicio caratulado 'Scotiabank con Bezamberger'. Rol C-12912-2023 y en el protocolo fijado por el tribunal a folio 40 del apremio. Secretaria.

REMATE. 12° JUZGADO CIVIL SAN-

tiago, Huérfanos 1.409, piso 4°, comuna Santiago, el día 16 de abril de 2026, a las 15:15 horas, se rematará mediante video conferencia, vía plataforma zoom, el inmueble correspondiente al departamento N° 2.202 del piso veintidós, el estacionamiento N° 112 del tercer subterráneo y el estacionamiento N° 55 del segundo subterráneo, todos del Condominio Mosaic, con acceso principal por Avenida Irarrázaval N° 1.745 y acceso vehicular por Avenida Irarrázaval N° 1.745, comuna de Ñuñoa, Región Metropolitana.- El inmueble se encuentra inscrito a 46801 número 70582 correspondiente al Registro de Propiedad del Conservador de Bienes Raíces de Santiago del año 2011. Mínimo para iniciar posturas es la suma $ 110.733.295.- los interesados deberán consignar garantía, mediante un vale vista Endosable a Nombre del Tribunal y por el monto que se señala en las Bases del Remate, el que deberá ser digitalizado y acompañado a la carpeta electrónica, a través de la Oficina Judicial Virtual, módulo 'Audiencia de remates' dispuesto para tal efecto. Una vez que el postor ha sido aceptado por el tribunal en el sistema computacional, circunstancia que podrá verificar con su clave única del Estado, en el módulo 'Mis Remates', deberá entregar el vale vista materialmente en el Tribunal, entre las 9:00 y las 13:00 horas del día anterior a la realización de la subasta. Se hace presente que la subasta se realizará por videoconferencia, mediante la plataforma
